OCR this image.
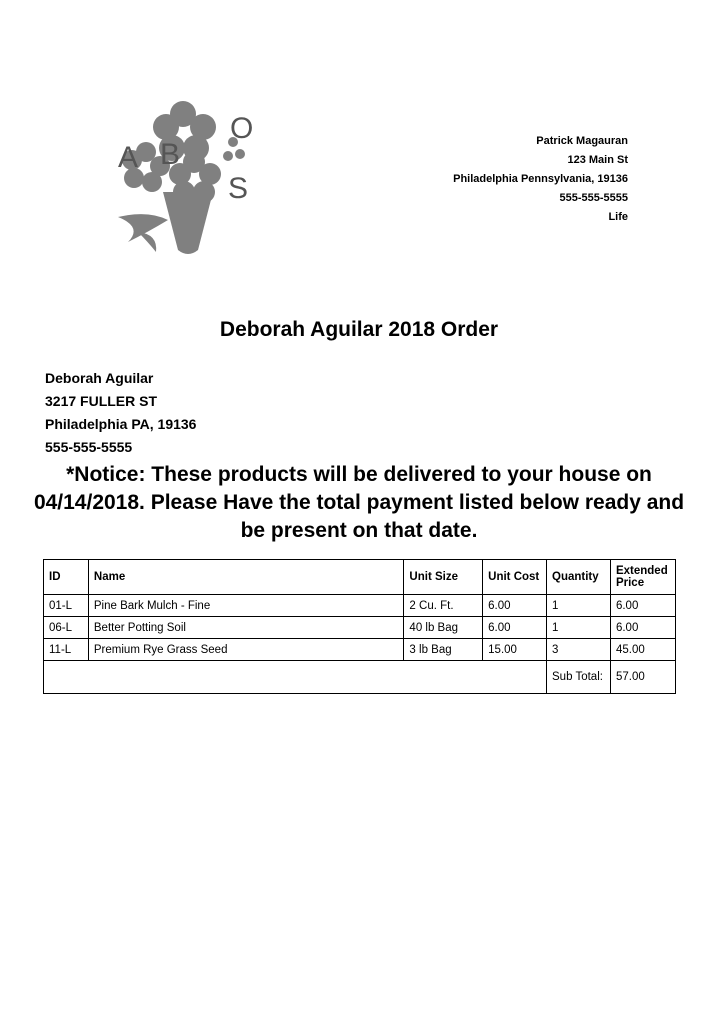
A B
O
S
Patrick Magauran
123 Main St
Philadelphia Pennsylvania, 19136
555-555-5555
Life
Deborah Aguilar 2018 Order
Deborah Aguilar
3217 FULLER ST
Philadelphia PA, 19136
555-555-5555
*Notice: These products will be delivered to your house on 04/14/2018. Please Have the total payment listed below ready and be present on that date.
ID	Name	Unit Size	Unit Cost	Quantity	Extended Price
01-L	Pine Bark Mulch - Fine	2 Cu. Ft.	6.00	1	6.00
06-L	Better Potting Soil	40 lb Bag	6.00	1	6.00
11-L	Premium Rye Grass Seed	3 lb Bag	15.00	3	45.00
				Sub Total:	57.00
